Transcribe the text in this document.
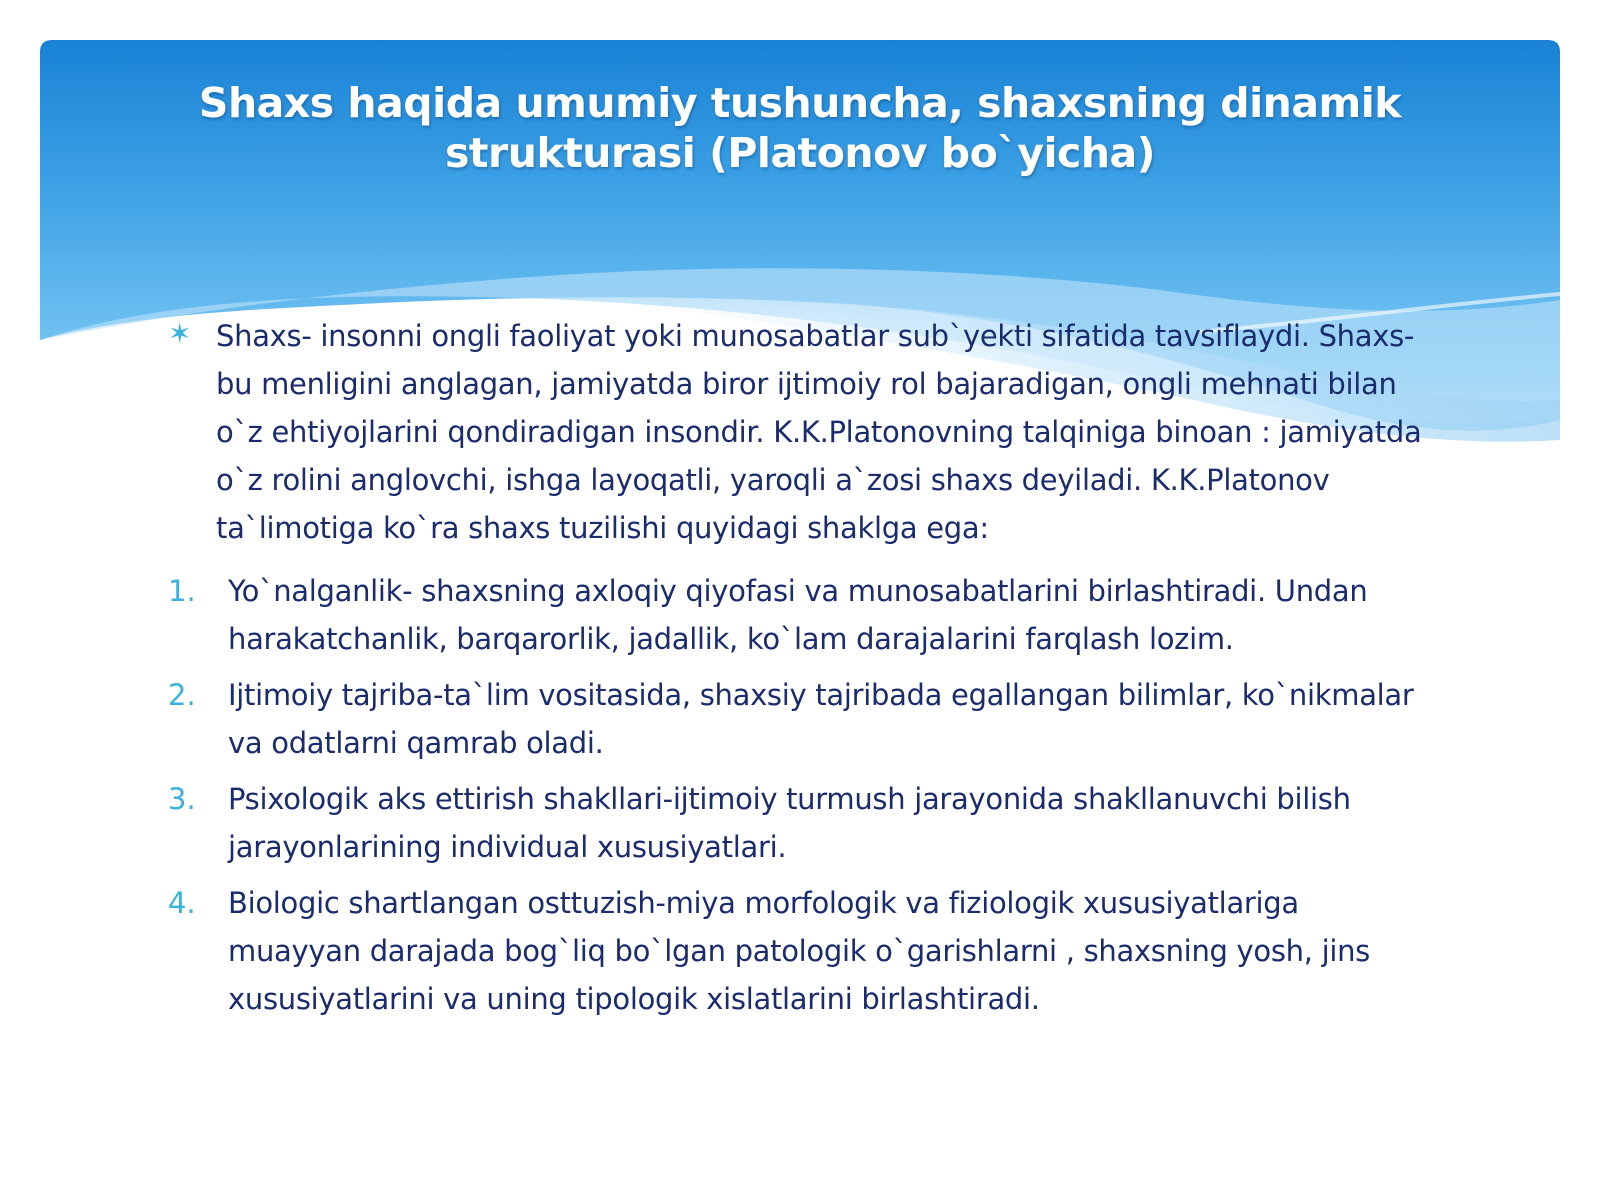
Shaxs haqida umumiy tushuncha, shaxsning dinamik strukturasi (Platonov bo`yicha)
✶ Shaxs- insonni ongli faoliyat yoki munosabatlar sub`yekti sifatida tavsiflaydi. Shaxs- bu menligini anglagan, jamiyatda biror ijtimoiy rol bajaradigan, ongli mehnati bilan o`z ehtiyojlarini qondiradigan insondir. K.K.Platonovning talqiniga binoan : jamiyatda o`z rolini anglovchi, ishga layoqatli, yaroqli a`zosi shaxs deyiladi. K.K.Platonov ta`limotiga ko`ra shaxs tuzilishi quyidagi shaklga ega:
1.	Yo`nalganlik- shaxsning axloqiy qiyofasi va munosabatlarini birlashtiradi. Undan harakatchanlik, barqarorlik, jadallik, ko`lam darajalarini farqlash lozim.
2.	Ijtimoiy tajriba-ta`lim vositasida, shaxsiy tajribada egallangan bilimlar, ko`nikmalar va odatlarni qamrab oladi.
3.	Psixologik aks ettirish shakllari-ijtimoiy turmush jarayonida shakllanuvchi bilish jarayonlarining individual xususiyatlari.
4.	Biologic shartlangan osttuzish-miya morfologik va fiziologik xususiyatlariga muayyan darajada bog`liq bo`lgan patologik o`garishlarni , shaxsning yosh, jins xususiyatlarini va uning tipologik xislatlarini birlashtiradi.
